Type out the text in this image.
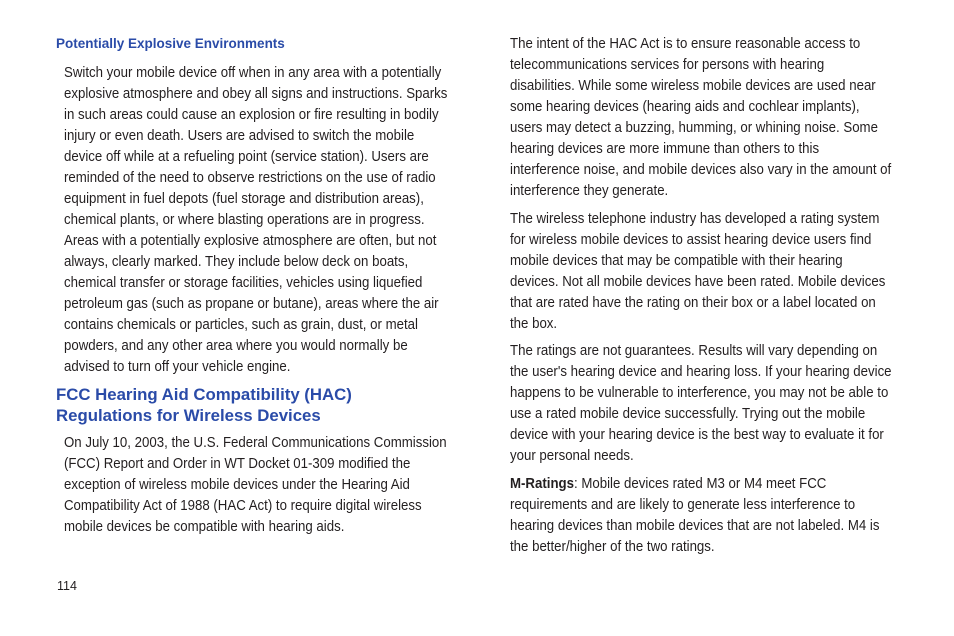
Potentially Explosive Environments

Switch your mobile device off when in any area with a potentially
explosive atmosphere and obey all signs and instructions. Sparks
in such areas could cause an explosion or fire resulting in bodily
injury or even death. Users are advised to switch the mobile
device off while at a refueling point (service station). Users are
reminded of the need to observe restrictions on the use of radio
equipment in fuel depots (fuel storage and distribution areas),
chemical plants, or where blasting operations are in progress.
Areas with a potentially explosive atmosphere are often, but not
always, clearly marked. They include below deck on boats,
chemical transfer or storage facilities, vehicles using liquefied
petroleum gas (such as propane or butane), areas where the air
contains chemicals or particles, such as grain, dust, or metal
powders, and any other area where you would normally be
advised to turn off your vehicle engine.

FCC Hearing Aid Compatibility (HAC)
Regulations for Wireless Devices

On July 10, 2003, the U.S. Federal Communications Commission
(FCC) Report and Order in WT Docket 01-309 modified the
exception of wireless mobile devices under the Hearing Aid
Compatibility Act of 1988 (HAC Act) to require digital wireless
mobile devices be compatible with hearing aids.

The intent of the HAC Act is to ensure reasonable access to
telecommunications services for persons with hearing
disabilities. While some wireless mobile devices are used near
some hearing devices (hearing aids and cochlear implants),
users may detect a buzzing, humming, or whining noise. Some
hearing devices are more immune than others to this
interference noise, and mobile devices also vary in the amount of
interference they generate.

The wireless telephone industry has developed a rating system
for wireless mobile devices to assist hearing device users find
mobile devices that may be compatible with their hearing
devices. Not all mobile devices have been rated. Mobile devices
that are rated have the rating on their box or a label located on
the box.

The ratings are not guarantees. Results will vary depending on
the user's hearing device and hearing loss. If your hearing device
happens to be vulnerable to interference, you may not be able to
use a rated mobile device successfully. Trying out the mobile
device with your hearing device is the best way to evaluate it for
your personal needs.

M-Ratings: Mobile devices rated M3 or M4 meet FCC
requirements and are likely to generate less interference to
hearing devices than mobile devices that are not labeled. M4 is
the better/higher of the two ratings.

114
